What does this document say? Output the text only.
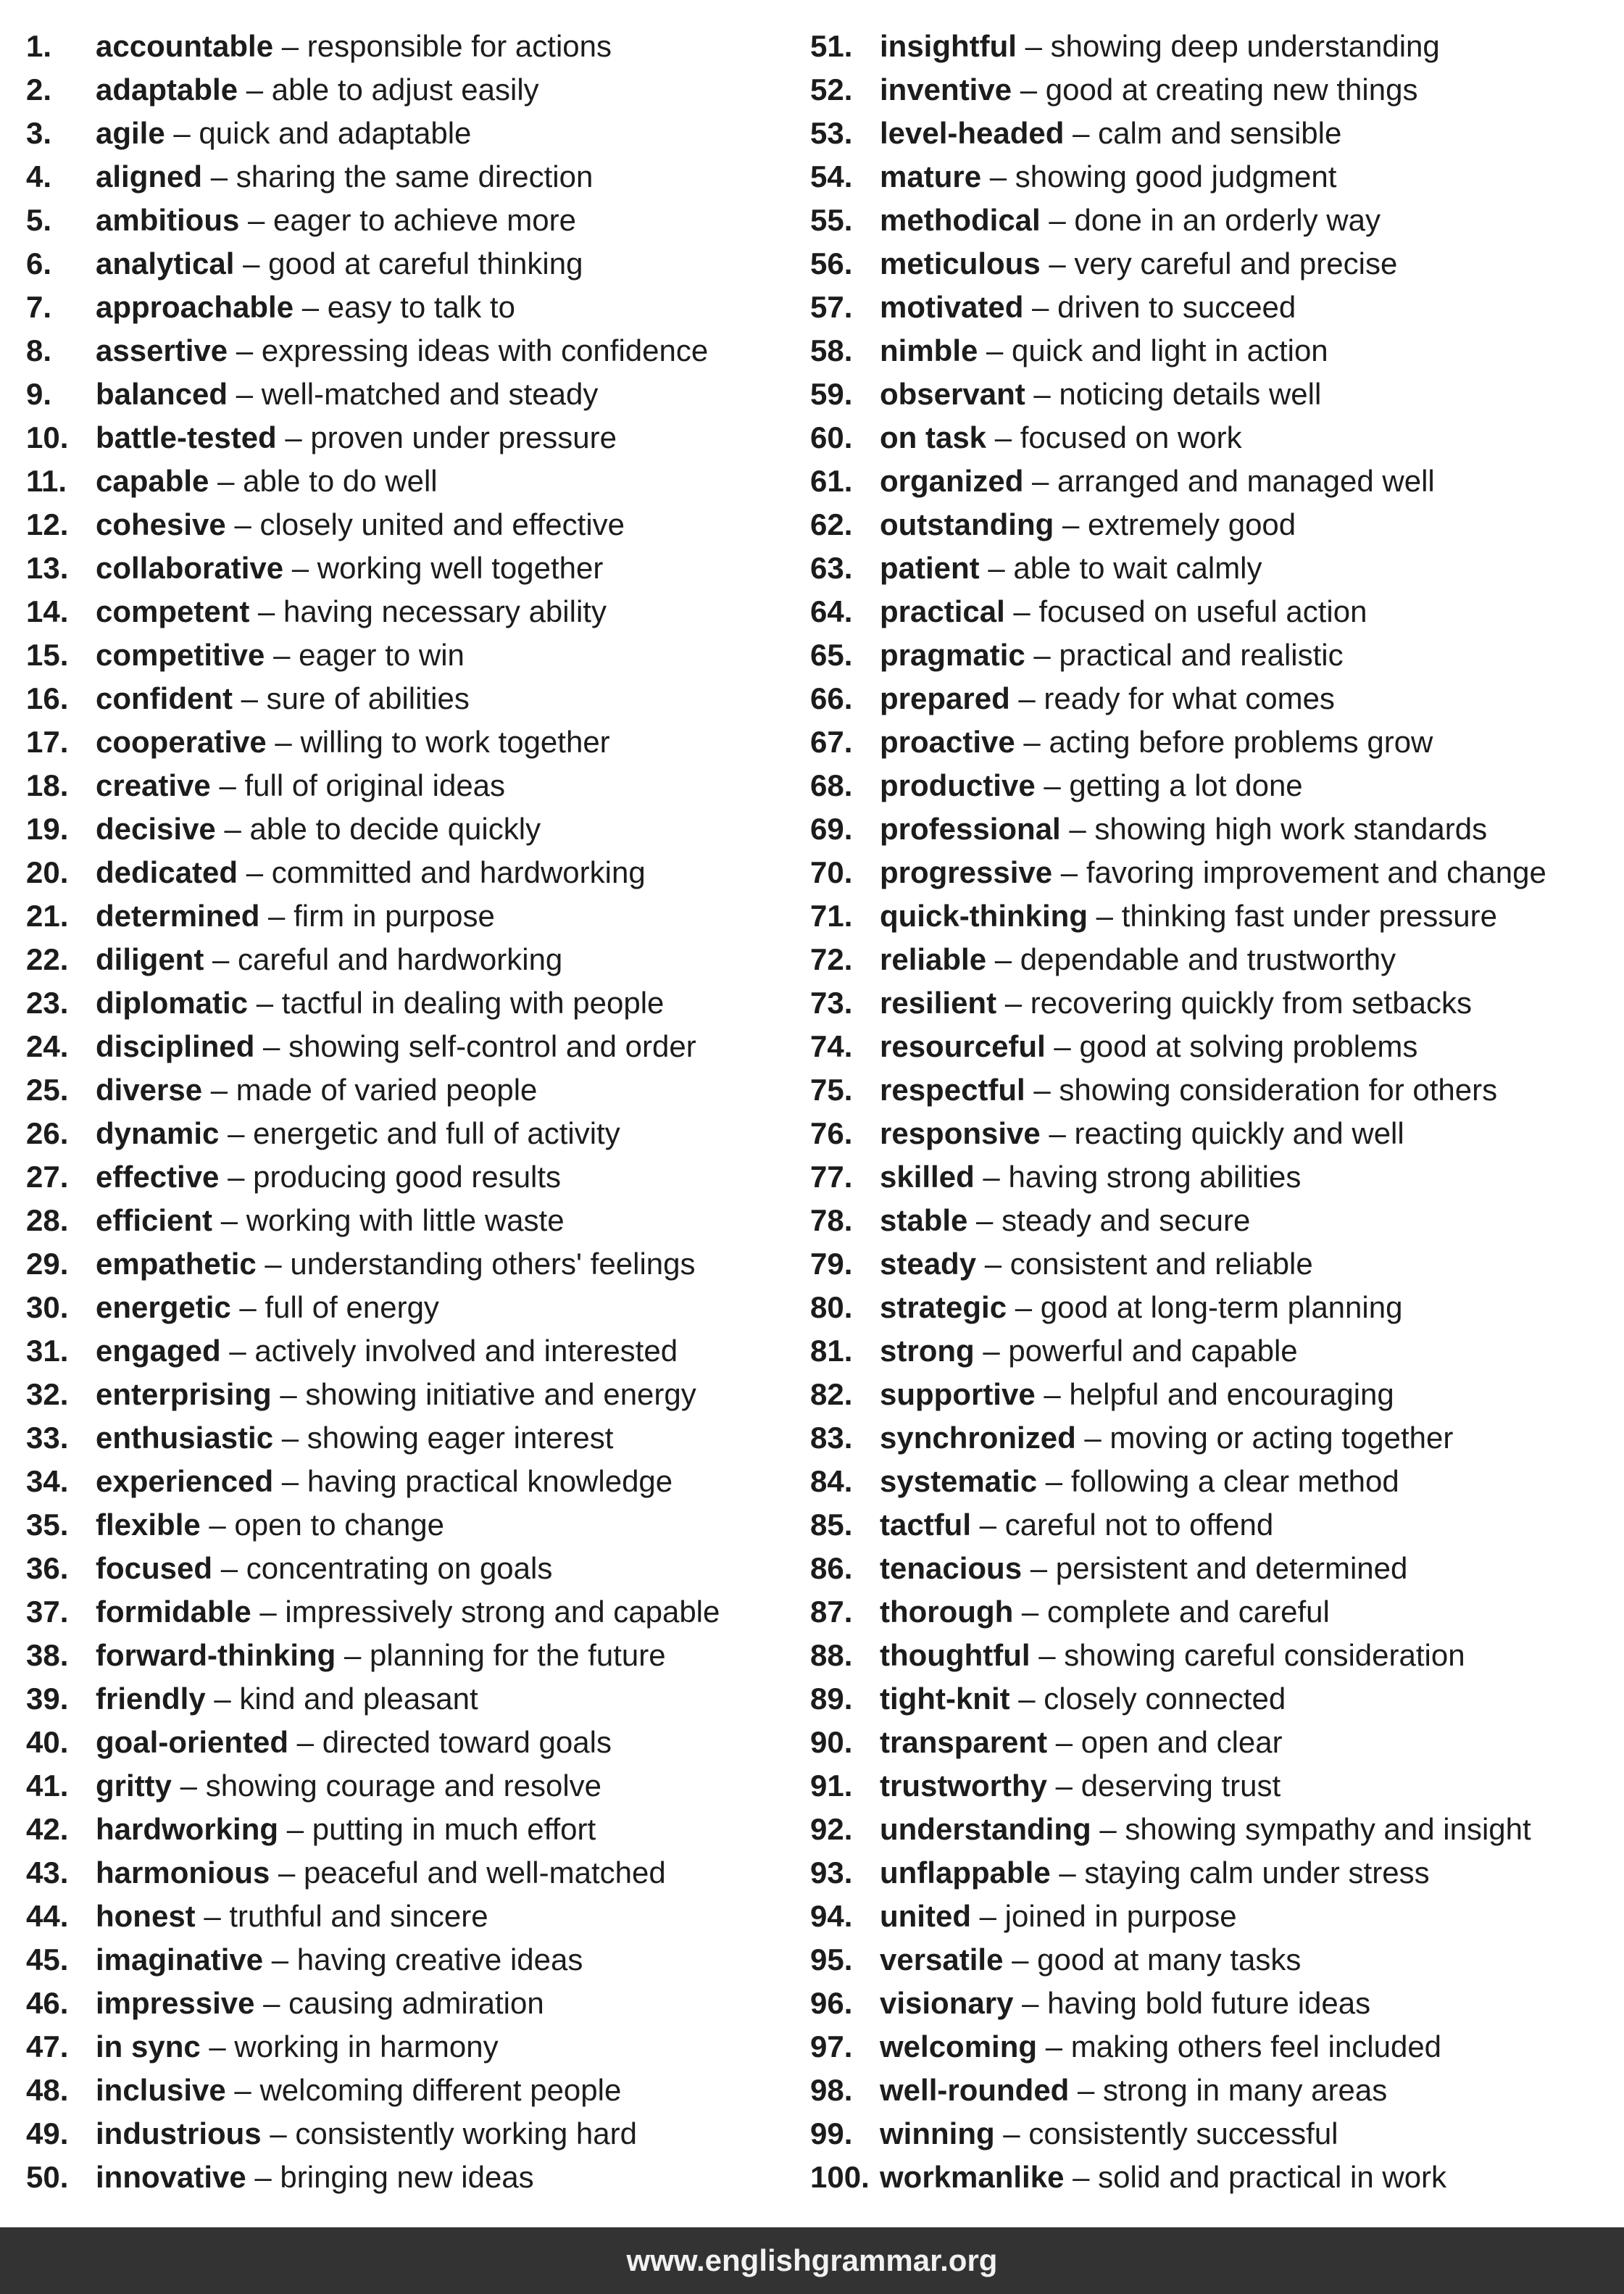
1.	accountable – responsible for actions
2.	adaptable – able to adjust easily
3.	agile – quick and adaptable
4.	aligned – sharing the same direction
5.	ambitious – eager to achieve more
6.	analytical – good at careful thinking
7.	approachable – easy to talk to
8.	assertive – expressing ideas with confidence
9.	balanced – well-matched and steady
10. battle-tested – proven under pressure
11. capable – able to do well
12. cohesive – closely united and effective
13. collaborative – working well together
14. competent – having necessary ability
15. competitive – eager to win
16. confident – sure of abilities
17. cooperative – willing to work together
18. creative – full of original ideas
19. decisive – able to decide quickly
20. dedicated – committed and hardworking
21. determined – firm in purpose
22. diligent – careful and hardworking
23. diplomatic – tactful in dealing with people
24. disciplined – showing self-control and order
25. diverse – made of varied people
26. dynamic – energetic and full of activity
27. effective – producing good results
28. efficient – working with little waste
29. empathetic – understanding others' feelings
30. energetic – full of energy
31. engaged – actively involved and interested
32. enterprising – showing initiative and energy
33. enthusiastic – showing eager interest
34. experienced – having practical knowledge
35. flexible – open to change
36. focused – concentrating on goals
37. formidable – impressively strong and capable
38. forward-thinking – planning for the future
39. friendly – kind and pleasant
40. goal-oriented – directed toward goals
41. gritty – showing courage and resolve
42. hardworking – putting in much effort
43. harmonious – peaceful and well-matched
44. honest – truthful and sincere
45. imaginative – having creative ideas
46. impressive – causing admiration
47. in sync – working in harmony
48. inclusive – welcoming different people
49. industrious – consistently working hard
50. innovative – bringing new ideas
51. insightful – showing deep understanding
52. inventive – good at creating new things
53. level-headed – calm and sensible
54. mature – showing good judgment
55. methodical – done in an orderly way
56. meticulous – very careful and precise
57. motivated – driven to succeed
58. nimble – quick and light in action
59. observant – noticing details well
60. on task – focused on work
61. organized – arranged and managed well
62. outstanding – extremely good
63. patient – able to wait calmly
64. practical – focused on useful action
65. pragmatic – practical and realistic
66. prepared – ready for what comes
67. proactive – acting before problems grow
68. productive – getting a lot done
69. professional – showing high work standards
70. progressive – favoring improvement and change
71. quick-thinking – thinking fast under pressure
72. reliable – dependable and trustworthy
73. resilient – recovering quickly from setbacks
74. resourceful – good at solving problems
75. respectful – showing consideration for others
76. responsive – reacting quickly and well
77. skilled – having strong abilities
78. stable – steady and secure
79. steady – consistent and reliable
80. strategic – good at long-term planning
81. strong – powerful and capable
82. supportive – helpful and encouraging
83. synchronized – moving or acting together
84. systematic – following a clear method
85. tactful – careful not to offend
86. tenacious – persistent and determined
87. thorough – complete and careful
88. thoughtful – showing careful consideration
89. tight-knit – closely connected
90. transparent – open and clear
91. trustworthy – deserving trust
92. understanding – showing sympathy and insight
93. unflappable – staying calm under stress
94. united – joined in purpose
95. versatile – good at many tasks
96. visionary – having bold future ideas
97. welcoming – making others feel included
98. well-rounded – strong in many areas
99. winning – consistently successful
100. workmanlike – solid and practical in work
www.englishgrammar.org
